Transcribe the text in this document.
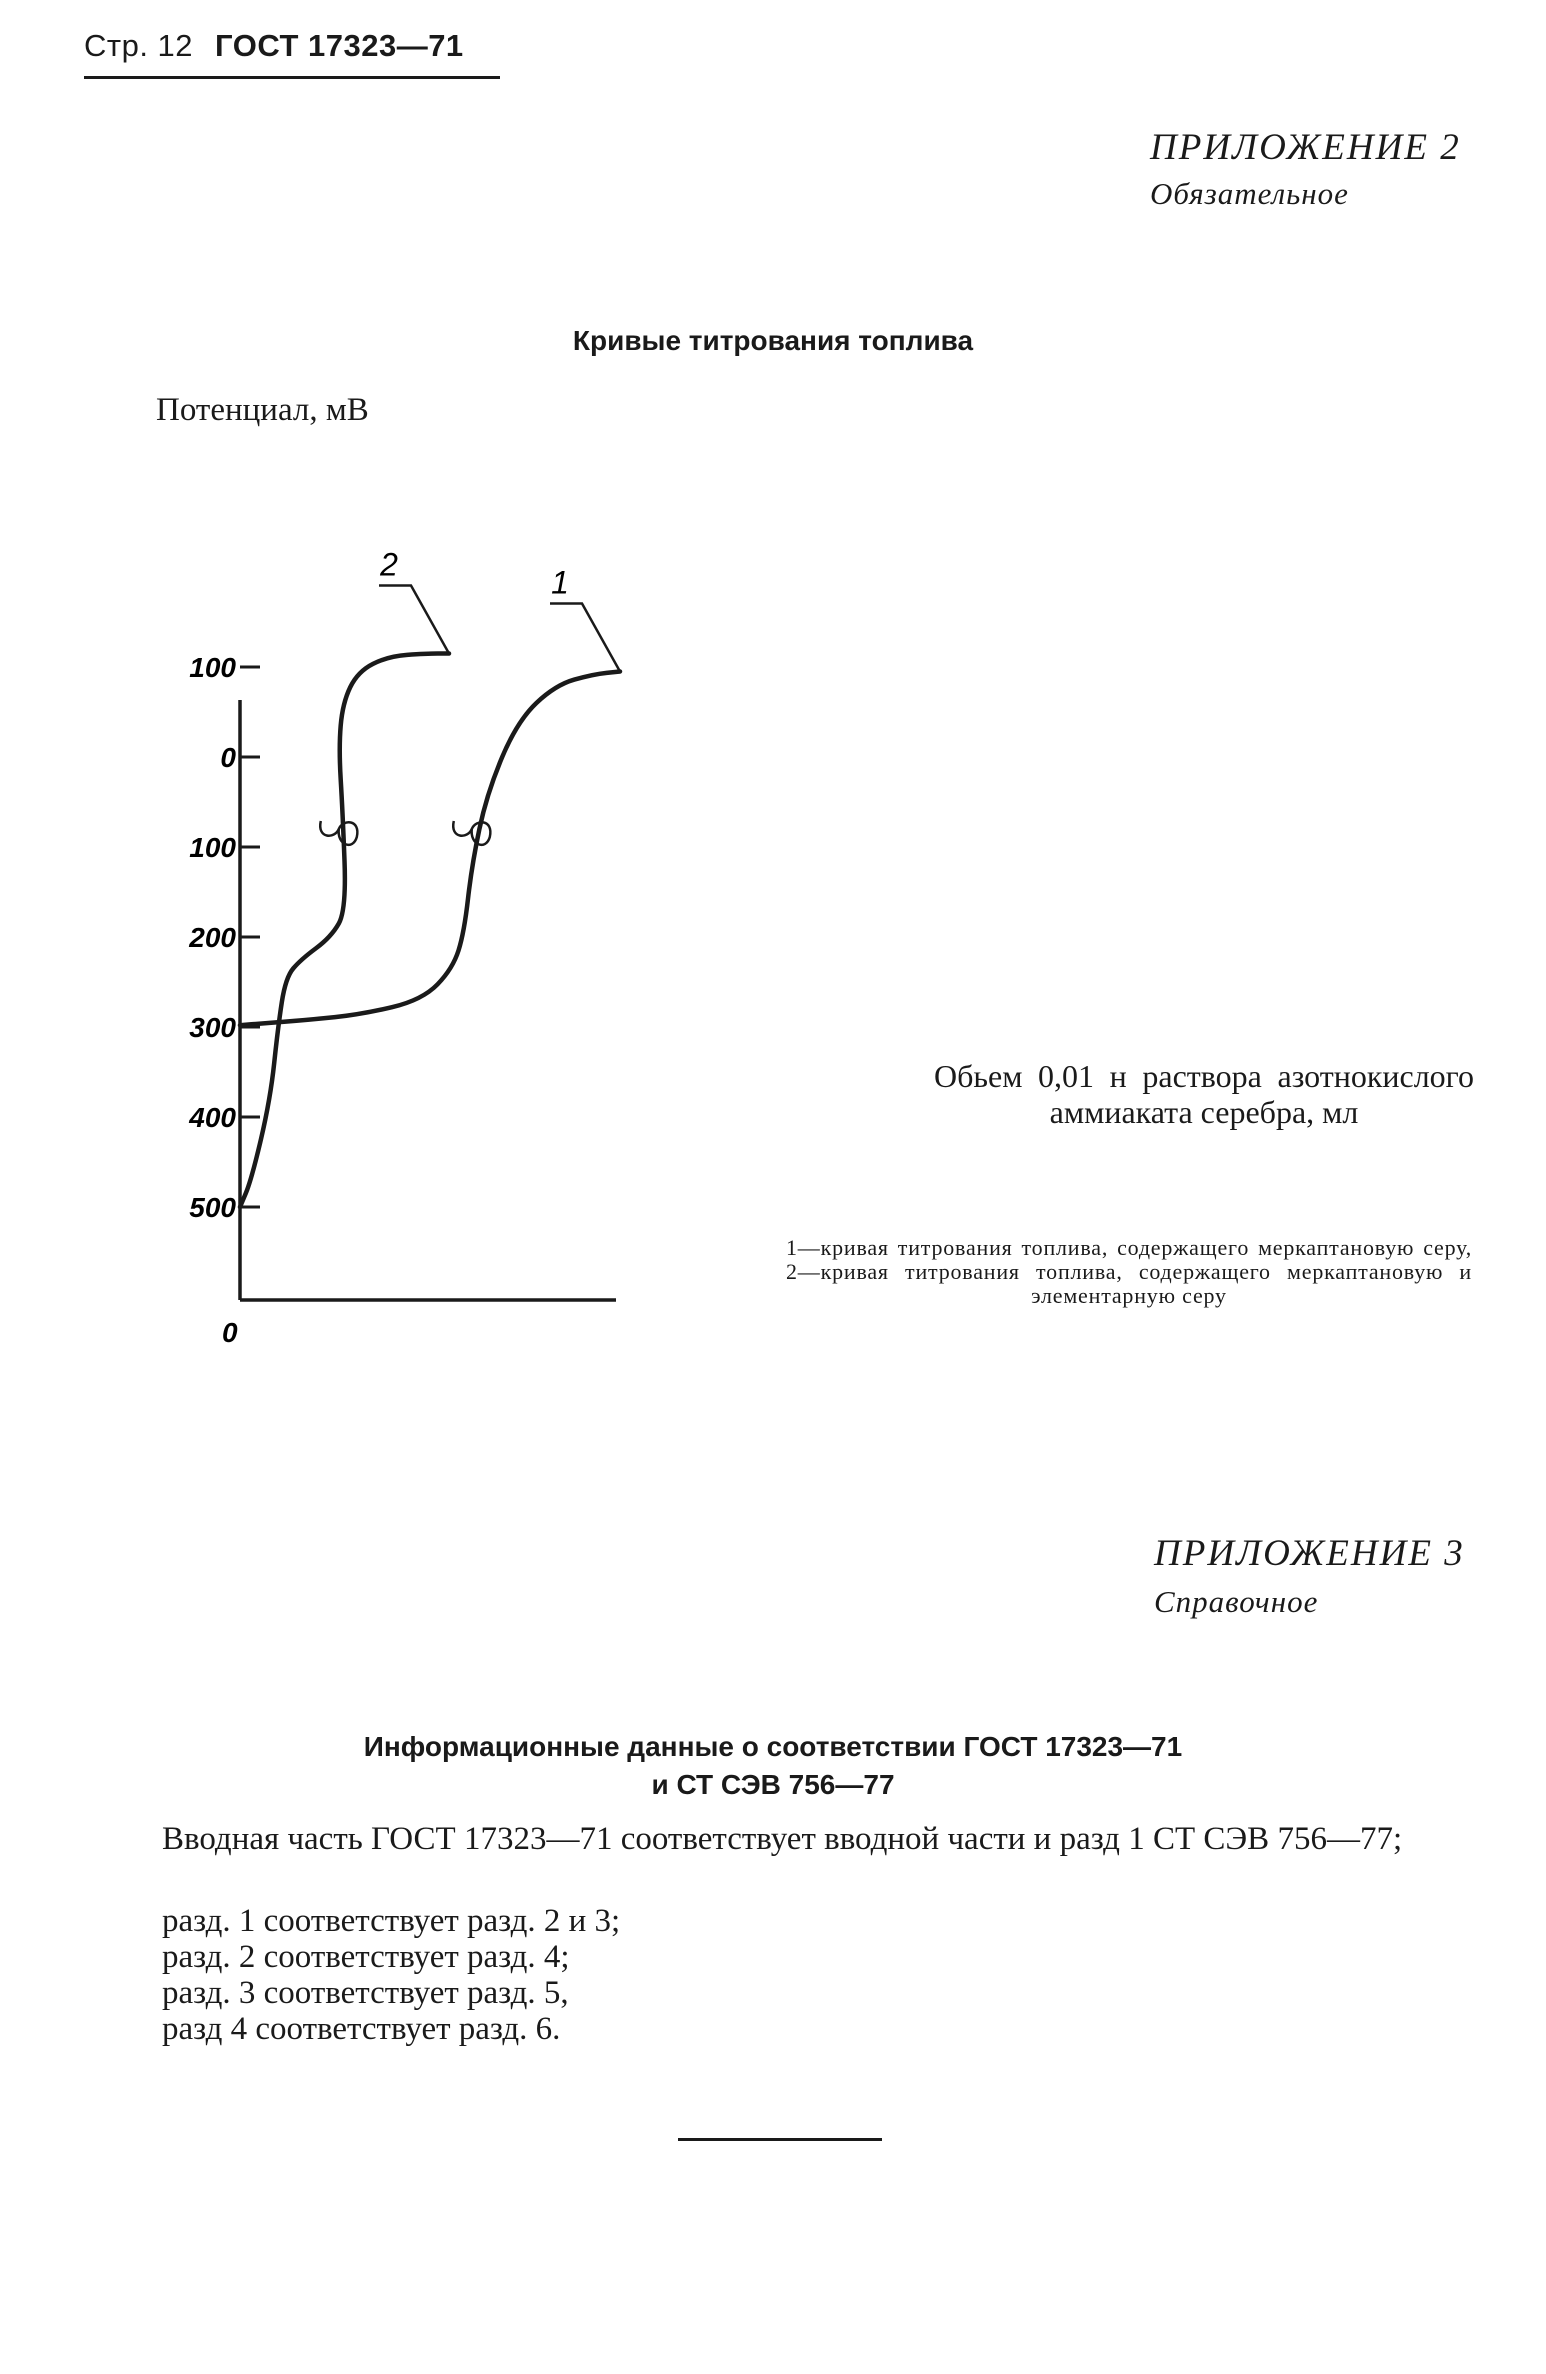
Стр. 12 ГОСТ 17323—71
ПРИЛОЖЕНИЕ 2
Обязательное
Кривые титрования топлива
Потенциал, мВ
100
0
100
200
300
400
500
0
1
2
Обьем 0,01 н раствора азотнокислого аммиаката серебра, мл
1—кривая титрования топлива, содержащего меркаптановую серу, 2—кривая титрования топлива, содержащего меркаптановую и элементарную серу
ПРИЛОЖЕНИЕ 3
Справочное
Информационные данные о соответствии ГОСТ 17323—71
и СТ СЭВ 756—77
Вводная часть ГОСТ 17323—71 соответствует вводной части и разд 1 СТ СЭВ 756—77;
разд. 1 соответствует разд. 2 и 3;
разд. 2 соответствует разд. 4;
разд. 3 соответствует разд. 5,
разд 4 соответствует разд. 6.
